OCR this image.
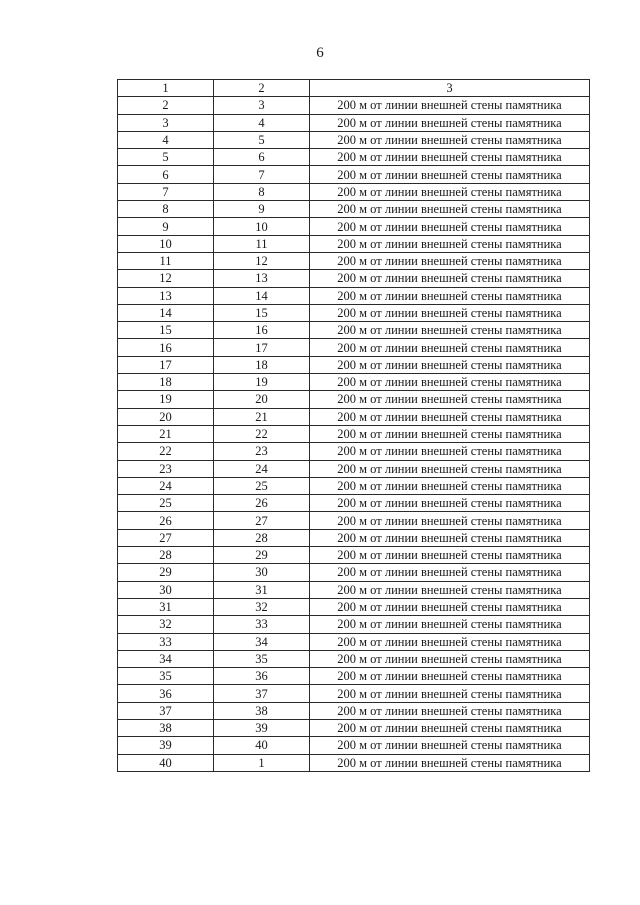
6
1	2	3
2	3	200 м от линии внешней стены памятника
3	4	200 м от линии внешней стены памятника
4	5	200 м от линии внешней стены памятника
5	6	200 м от линии внешней стены памятника
6	7	200 м от линии внешней стены памятника
7	8	200 м от линии внешней стены памятника
8	9	200 м от линии внешней стены памятника
9	10	200 м от линии внешней стены памятника
10	11	200 м от линии внешней стены памятника
11	12	200 м от линии внешней стены памятника
12	13	200 м от линии внешней стены памятника
13	14	200 м от линии внешней стены памятника
14	15	200 м от линии внешней стены памятника
15	16	200 м от линии внешней стены памятника
16	17	200 м от линии внешней стены памятника
17	18	200 м от линии внешней стены памятника
18	19	200 м от линии внешней стены памятника
19	20	200 м от линии внешней стены памятника
20	21	200 м от линии внешней стены памятника
21	22	200 м от линии внешней стены памятника
22	23	200 м от линии внешней стены памятника
23	24	200 м от линии внешней стены памятника
24	25	200 м от линии внешней стены памятника
25	26	200 м от линии внешней стены памятника
26	27	200 м от линии внешней стены памятника
27	28	200 м от линии внешней стены памятника
28	29	200 м от линии внешней стены памятника
29	30	200 м от линии внешней стены памятника
30	31	200 м от линии внешней стены памятника
31	32	200 м от линии внешней стены памятника
32	33	200 м от линии внешней стены памятника
33	34	200 м от линии внешней стены памятника
34	35	200 м от линии внешней стены памятника
35	36	200 м от линии внешней стены памятника
36	37	200 м от линии внешней стены памятника
37	38	200 м от линии внешней стены памятника
38	39	200 м от линии внешней стены памятника
39	40	200 м от линии внешней стены памятника
40	1	200 м от линии внешней стены памятника
